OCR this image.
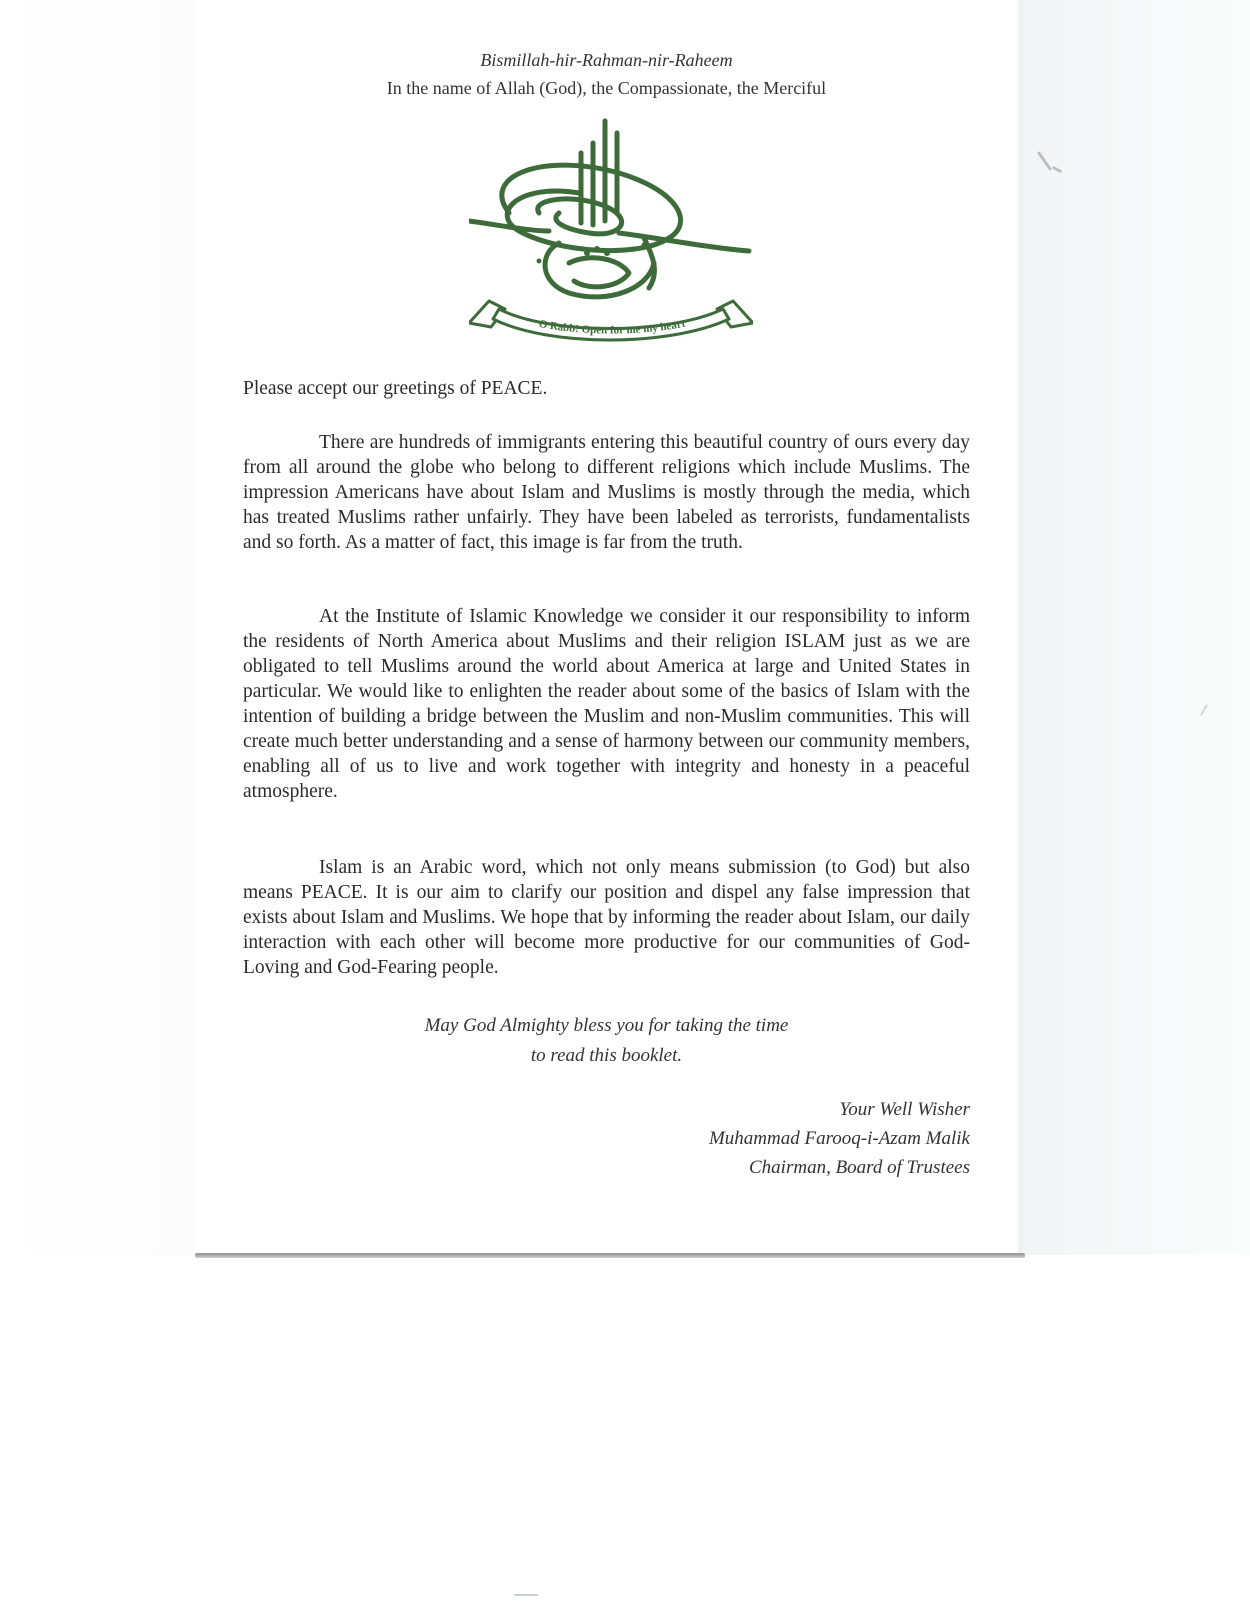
Bismillah-hir-Rahman-nir-Raheem
In the name of Allah (God), the Compassionate, the Merciful
O Rabb! Open for me my heart
Please accept our greetings of PEACE.

There are hundreds of immigrants entering this beautiful country of ours every day from all around the globe who belong to different religions which include Muslims. The impression Americans have about Islam and Muslims is mostly through the media, which has treated Muslims rather unfairly. They have been labeled as terrorists, fundamentalists and so forth. As a matter of fact, this image is far from the truth.

At the Institute of Islamic Knowledge we consider it our responsibility to inform the residents of North America about Muslims and their religion ISLAM just as we are obligated to tell Muslims around the world about America at large and United States in particular. We would like to enlighten the reader about some of the basics of Islam with the intention of building a bridge between the Muslim and non-Muslim communities. This will create much better understanding and a sense of harmony between our community members, enabling all of us to live and work together with integrity and honesty in a peaceful atmosphere.

Islam is an Arabic word, which not only means submission (to God) but also means PEACE. It is our aim to clarify our position and dispel any false impression that exists about Islam and Muslims. We hope that by informing the reader about Islam, our daily interaction with each other will become more productive for our communities of God-Loving and God-Fearing people.

May God Almighty bless you for taking the time
to read this booklet.
Your Well Wisher
Muhammad Farooq-i-Azam Malik
Chairman, Board of Trustees
